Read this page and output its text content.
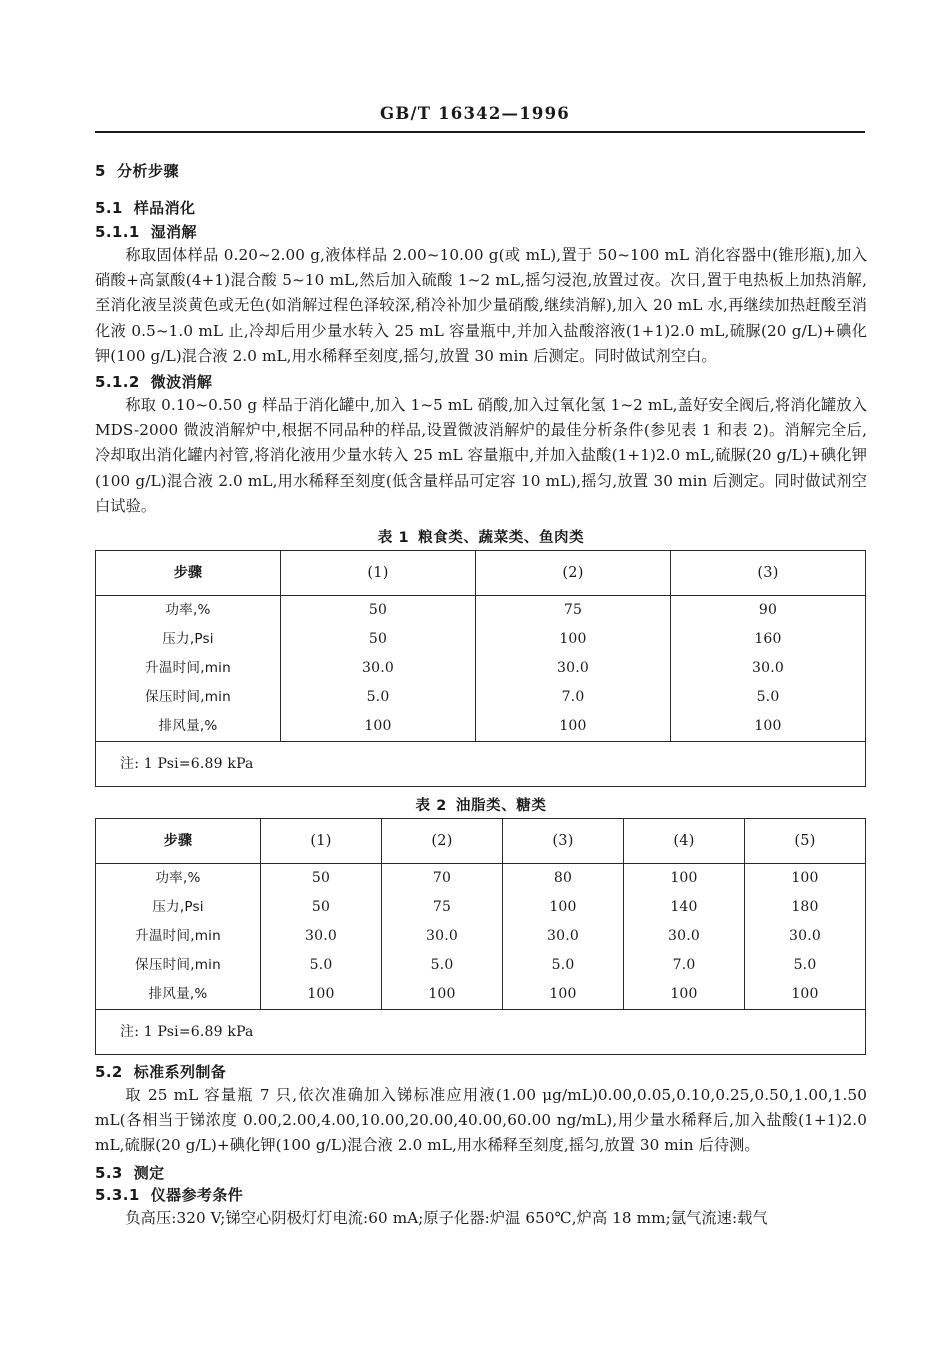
GB/T 16342—1996
5 分析步骤
5.1 样品消化
5.1.1 湿消解

称取固体样品 0.20~2.00 g,液体样品 2.00~10.00 g(或 mL),置于 50~100 mL 消化容器中(锥形瓶),加入硝酸+高氯酸(4+1)混合酸 5~10 mL,然后加入硫酸 1~2 mL,摇匀浸泡,放置过夜。次日,置于电热板上加热消解,至消化液呈淡黄色或无色(如消解过程色泽较深,稍冷补加少量硝酸,继续消解),加入 20 mL 水,再继续加热赶酸至消化液 0.5~1.0 mL 止,冷却后用少量水转入 25 mL 容量瓶中,并加入盐酸溶液(1+1)2.0 mL,硫脲(20 g/L)+碘化钾(100 g/L)混合液 2.0 mL,用水稀释至刻度,摇匀,放置 30 min 后测定。同时做试剂空白。

5.1.2 微波消解

称取 0.10~0.50 g 样品于消化罐中,加入 1~5 mL 硝酸,加入过氧化氢 1~2 mL,盖好安全阀后,将消化罐放入 MDS-2000 微波消解炉中,根据不同品种的样品,设置微波消解炉的最佳分析条件(参见表 1 和表 2)。消解完全后,冷却取出消化罐内衬管,将消化液用少量水转入 25 mL 容量瓶中,并加入盐酸(1+1)2.0 mL,硫脲(20 g/L)+碘化钾(100 g/L)混合液 2.0 mL,用水稀释至刻度(低含量样品可定容 10 mL),摇匀,放置 30 min 后测定。同时做试剂空白试验。

表 1 粮食类、蔬菜类、鱼肉类
步骤	(1)	(2)	(3)
功率,%	50	75	90
压力,Psi	50	100	160
升温时间,min	30.0	30.0	30.0
保压时间,min	5.0	7.0	5.0
排风量,%	100	100	100
注: 1 Psi=6.89 kPa			
表 2 油脂类、糖类
步骤	(1)	(2)	(3)	(4)	(5)
功率,%	50	70	80	100	100
压力,Psi	50	75	100	140	180
升温时间,min	30.0	30.0	30.0	30.0	30.0
保压时间,min	5.0	5.0	5.0	7.0	5.0
排风量,%	100	100	100	100	100
注: 1 Psi=6.89 kPa					
5.2 标准系列制备

取 25 mL 容量瓶 7 只,依次准确加入锑标准应用液(1.00 μg/mL)0.00,0.05,0.10,0.25,0.50,1.00,1.50 mL(各相当于锑浓度 0.00,2.00,4.00,10.00,20.00,40.00,60.00 ng/mL),用少量水稀释后,加入盐酸(1+1)2.0 mL,硫脲(20 g/L)+碘化钾(100 g/L)混合液 2.0 mL,用水稀释至刻度,摇匀,放置 30 min 后待测。

5.3 测定
5.3.1 仪器参考条件

负高压:320 V;锑空心阴极灯灯电流:60 mA;原子化器:炉温 650℃,炉高 18 mm;氩气流速:载气
